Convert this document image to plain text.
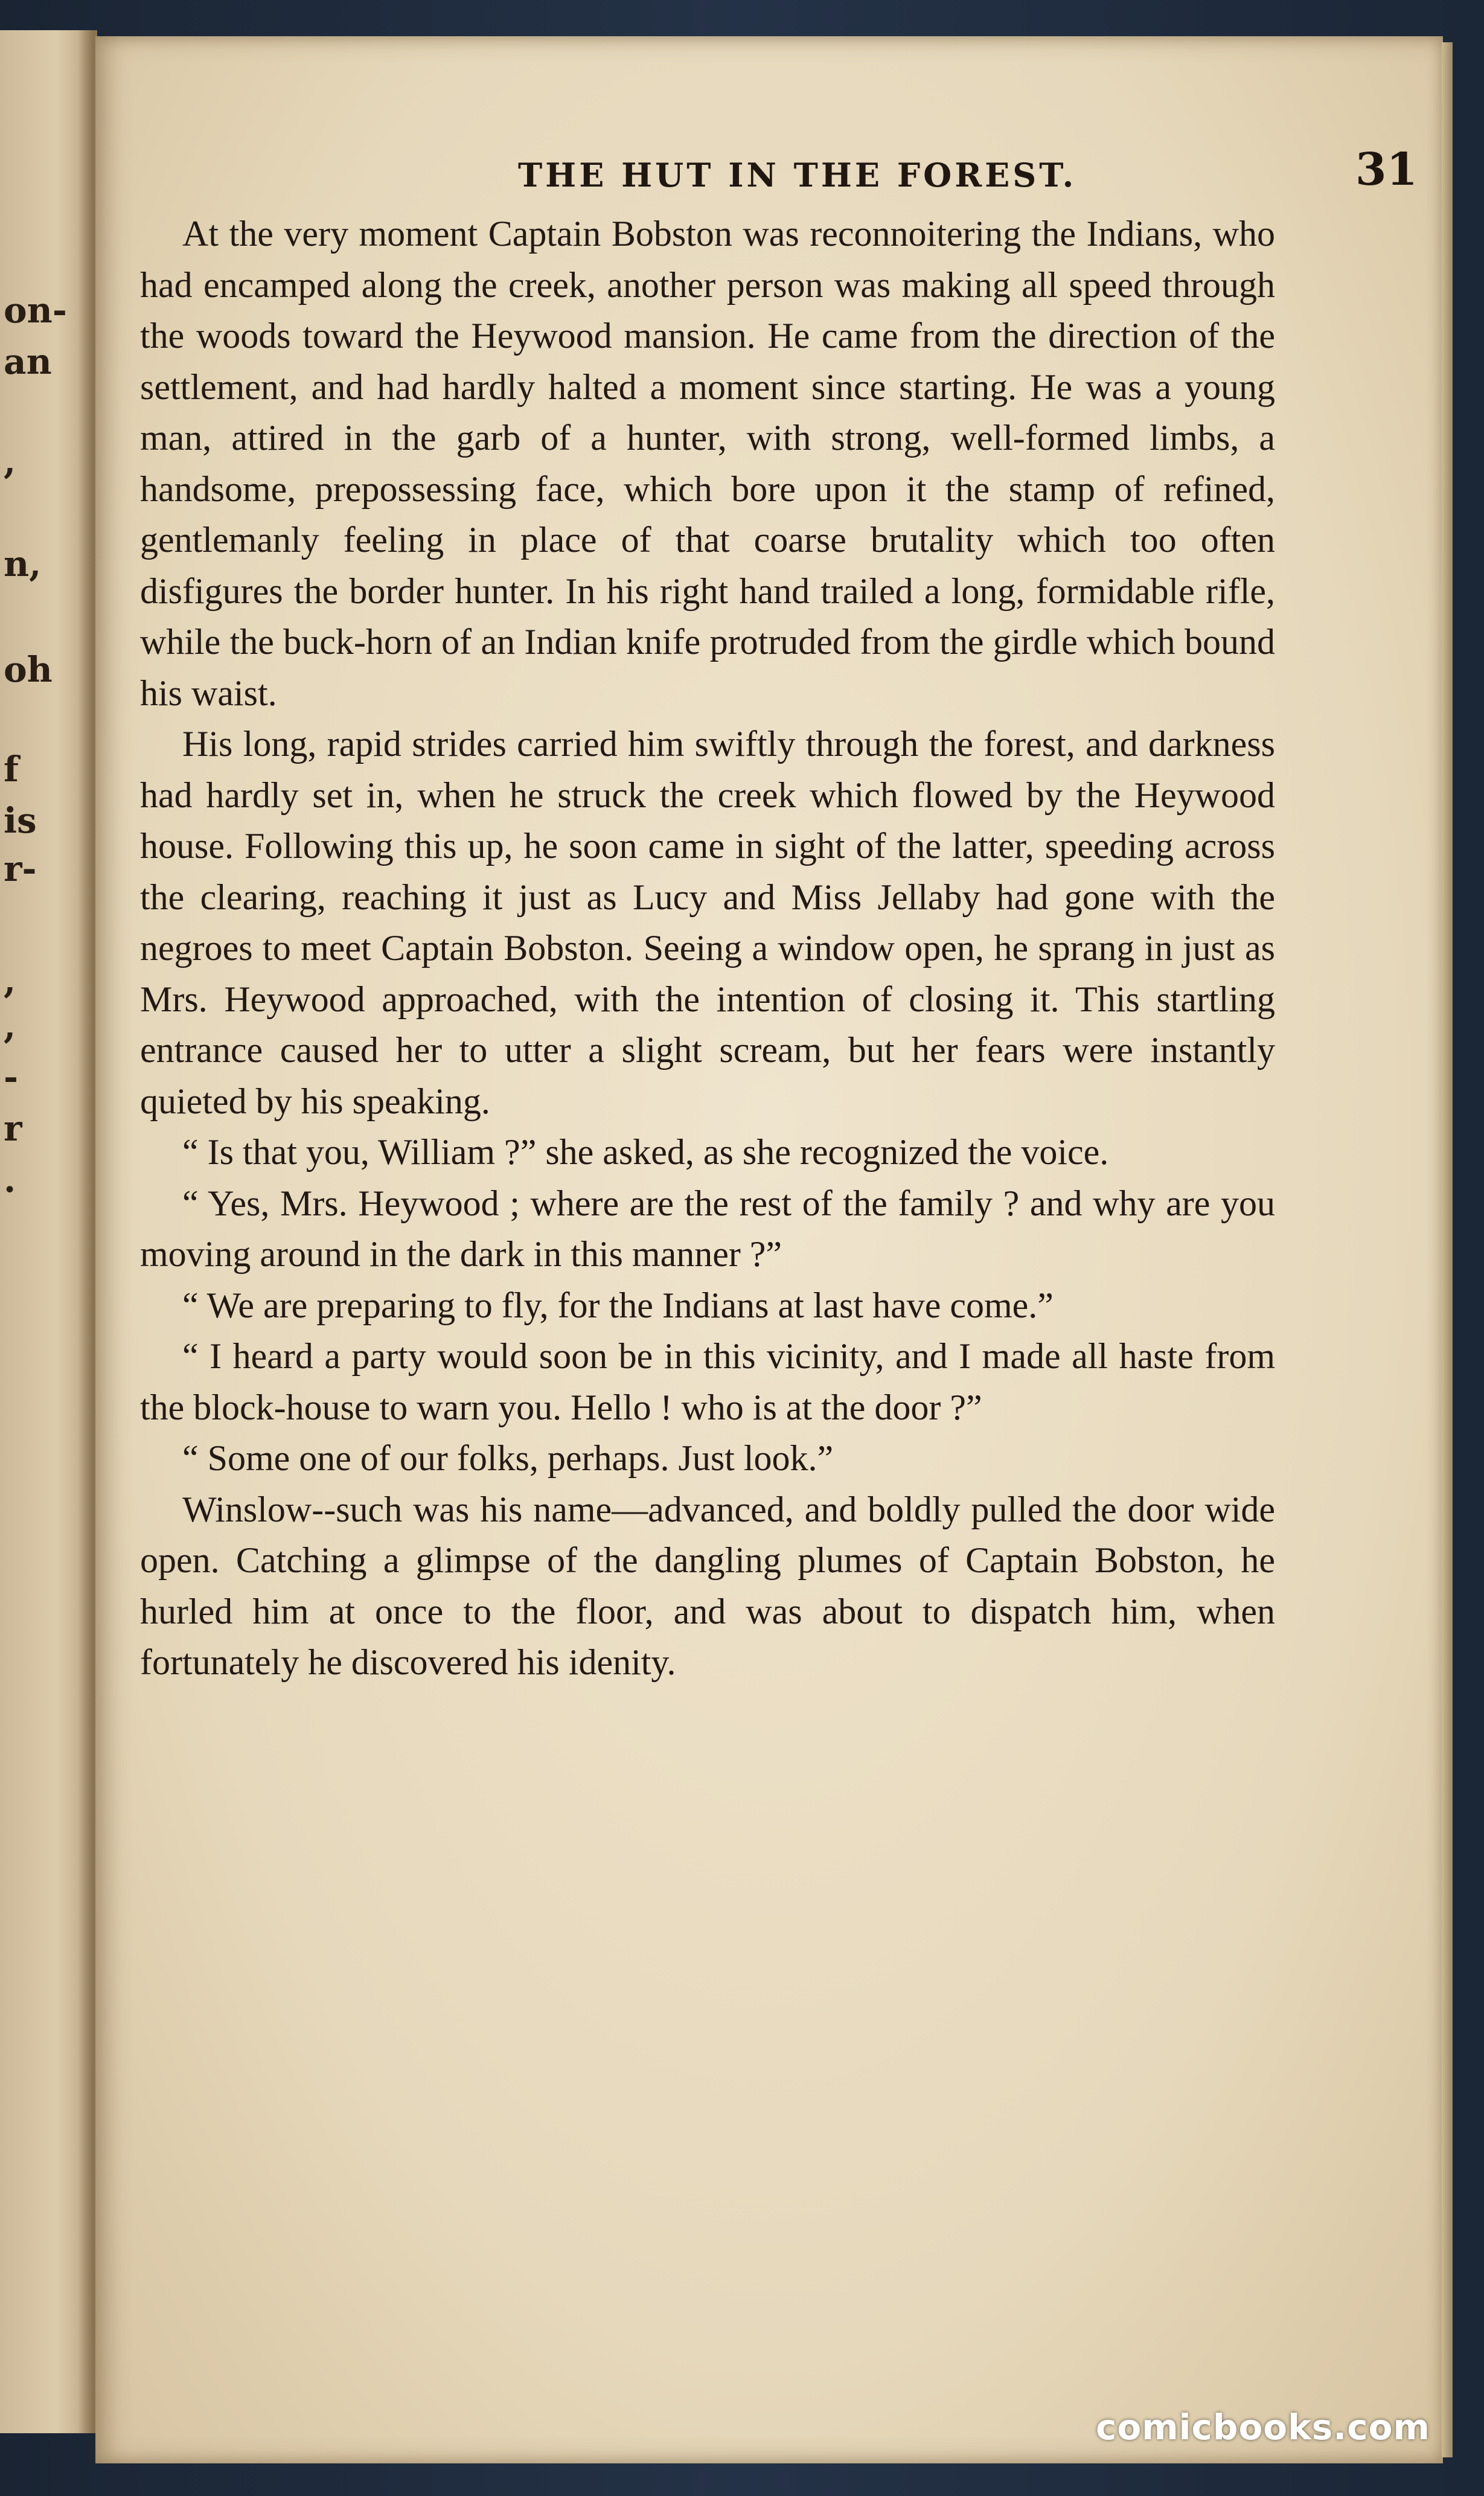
on-
an
,
n,
oh
f
is
r-
,
,
-
r
.
THE HUT IN THE FOREST.	31

At the very moment Captain Bobston was reconnoitering the Indians, who had encamped along the creek, another person was making all speed through the woods toward the Heywood mansion. He came from the direction of the settlement, and had hardly halted a moment since starting. He was a young man, attired in the garb of a hunter, with strong, well-formed limbs, a handsome, prepossessing face, which bore upon it the stamp of refined, gentlemanly feeling in place of that coarse brutality which too often disfigures the border hunter. In his right hand trailed a long, formidable rifle, while the buck-horn of an Indian knife protruded from the girdle which bound his waist.

His long, rapid strides carried him swiftly through the forest, and darkness had hardly set in, when he struck the creek which flowed by the Heywood house. Following this up, he soon came in sight of the latter, speeding across the clearing, reaching it just as Lucy and Miss Jellaby had gone with the negroes to meet Captain Bobston. Seeing a window open, he sprang in just as Mrs. Heywood approached, with the intention of closing it. This startling entrance caused her to utter a slight scream, but her fears were instantly quieted by his speaking.

“ Is that you, William ?” she asked, as she recognized the voice.

“ Yes, Mrs. Heywood ; where are the rest of the family ? and why are you moving around in the dark in this manner ?”

“ We are preparing to fly, for the Indians at last have come.”

“ I heard a party would soon be in this vicinity, and I made all haste from the block-house to warn you. Hello ! who is at the door ?”

“ Some one of our folks, perhaps. Just look.”

Winslow--such was his name—advanced, and boldly pulled the door wide open. Catching a glimpse of the dangling plumes of Captain Bobston, he hurled him at once to the floor, and was about to dispatch him, when fortunately he discovered his idenity.

comicbooks.com
